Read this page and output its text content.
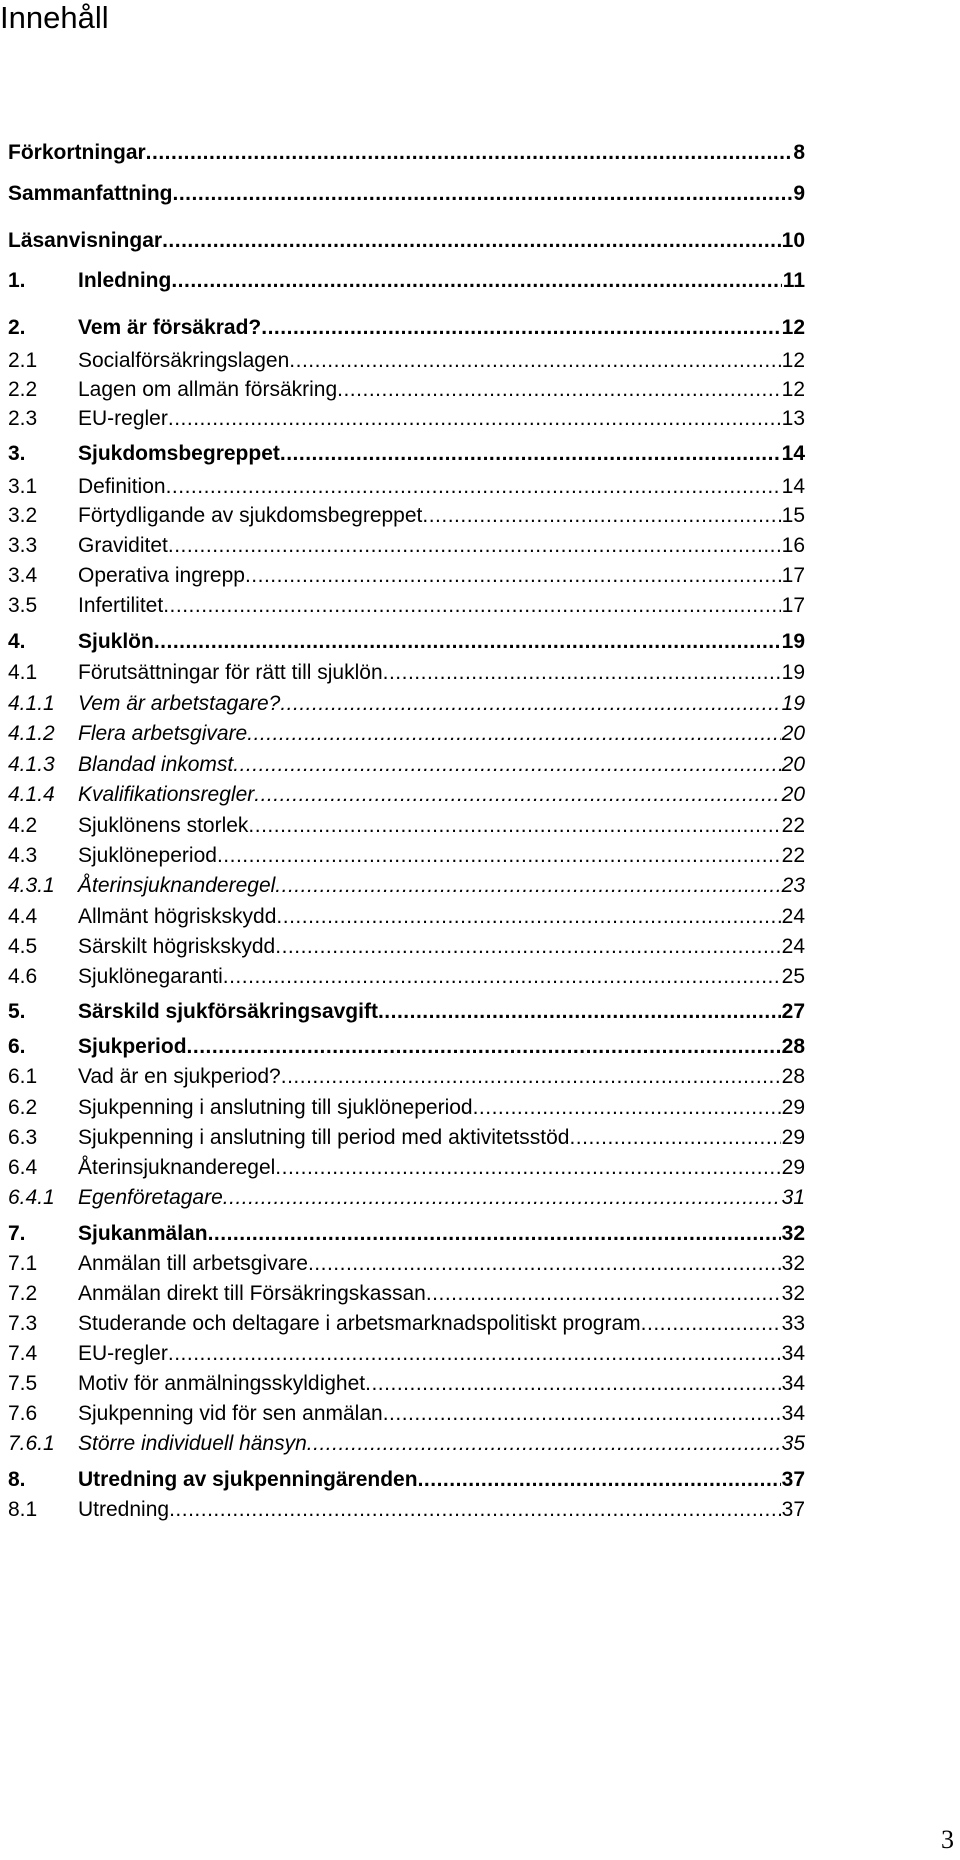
Innehåll
Förkortningar .....	8
Sammanfattning .....	9
Läsanvisningar .....	10
1.	Inledning .....	11
2.	Vem är försäkrad? .....	12
2.1	Socialförsäkringslagen .....	12
2.2	Lagen om allmän försäkring .....	12
2.3	EU-regler .....	13
3.	Sjukdomsbegreppet .....	14
3.1	Definition .....	14
3.2	Förtydligande av sjukdomsbegreppet .....	15
3.3	Graviditet .....	16
3.4	Operativa ingrepp .....	17
3.5	Infertilitet .....	17
4.	Sjuklön .....	19
4.1	Förutsättningar för rätt till sjuklön .....	19
4.1.1	Vem är arbetstagare? .....	19
4.1.2	Flera arbetsgivare .....	20
4.1.3	Blandad inkomst .....	20
4.1.4	Kvalifikationsregler .....	20
4.2	Sjuklönens storlek .....	22
4.3	Sjuklöneperiod .....	22
4.3.1	Återinsjuknanderegel .....	23
4.4	Allmänt högriskskydd .....	24
4.5	Särskilt högriskskydd .....	24
4.6	Sjuklönegaranti .....	25
5.	Särskild sjukförsäkringsavgift .....	27
6.	Sjukperiod .....	28
6.1	Vad är en sjukperiod? .....	28
6.2	Sjukpenning i anslutning till sjuklöneperiod .....	29
6.3	Sjukpenning i anslutning till period med aktivitetsstöd .....	29
6.4	Återinsjuknanderegel .....	29
6.4.1	Egenföretagare .....	31
7.	Sjukanmälan .....	32
7.1	Anmälan till arbetsgivare .....	32
7.2	Anmälan direkt till Försäkringskassan .....	32
7.3	Studerande och deltagare i arbetsmarknadspolitiskt program .....	33
7.4	EU-regler .....	34
7.5	Motiv för anmälningsskyldighet .....	34
7.6	Sjukpenning vid för sen anmälan .....	34
7.6.1	Större individuell hänsyn .....	35
8.	Utredning av sjukpenningärenden .....	37
8.1	Utredning .....	37
3
